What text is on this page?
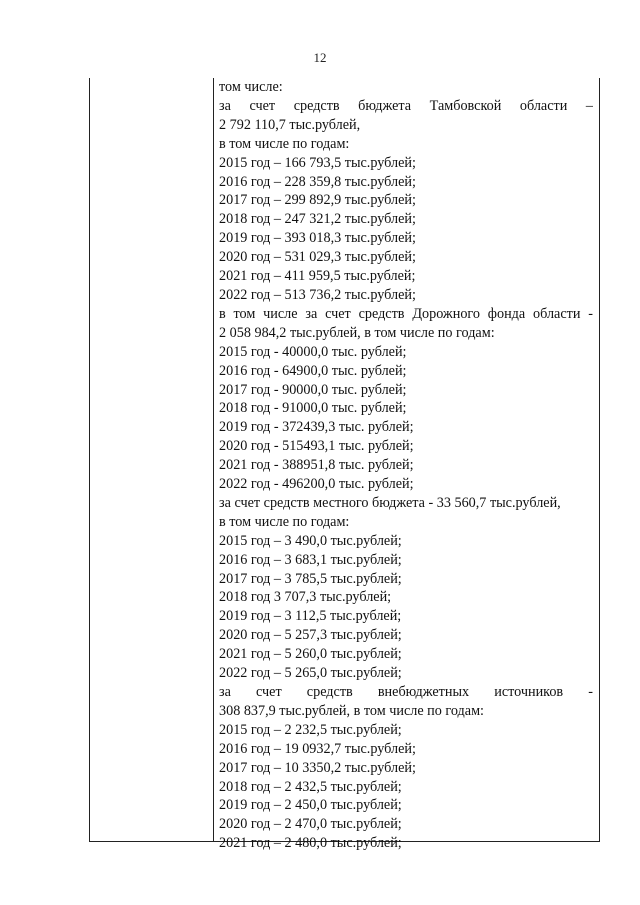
12
том числе:
за счет средств бюджета Тамбовской области –
2 792 110,7 тыс.рублей,
в том числе по годам:
2015 год – 166 793,5 тыс.рублей;
2016 год – 228 359,8 тыс.рублей;
2017 год – 299 892,9 тыс.рублей;
2018 год – 247 321,2 тыс.рублей;
2019 год – 393 018,3 тыс.рублей;
2020 год – 531 029,3 тыс.рублей;
2021 год – 411 959,5 тыс.рублей;
2022 год – 513 736,2 тыс.рублей;
в том числе за счет средств Дорожного фонда области -
2 058 984,2 тыс.рублей, в том числе по годам:
2015 год - 40000,0 тыс. рублей;
2016 год - 64900,0 тыс. рублей;
2017 год - 90000,0 тыс. рублей;
2018 год - 91000,0 тыс. рублей;
2019 год - 372439,3 тыс. рублей;
2020 год - 515493,1 тыс. рублей;
2021 год - 388951,8 тыс. рублей;
2022 год - 496200,0 тыс. рублей;
за счет средств местного бюджета - 33 560,7 тыс.рублей,
в том числе по годам:
2015 год – 3 490,0 тыс.рублей;
2016 год – 3 683,1 тыс.рублей;
2017 год – 3 785,5 тыс.рублей;
2018 год 3 707,3 тыс.рублей;
2019 год – 3 112,5 тыс.рублей;
2020 год – 5 257,3 тыс.рублей;
2021 год – 5 260,0 тыс.рублей;
2022 год – 5 265,0 тыс.рублей;
за счет средств внебюджетных источников -
308 837,9 тыс.рублей, в том числе по годам:
2015 год – 2 232,5 тыс.рублей;
2016 год – 19 0932,7 тыс.рублей;
2017 год – 10 3350,2 тыс.рублей;
2018 год – 2 432,5 тыс.рублей;
2019 год – 2 450,0 тыс.рублей;
2020 год – 2 470,0 тыс.рублей;
2021 год – 2 480,0 тыс.рублей;
